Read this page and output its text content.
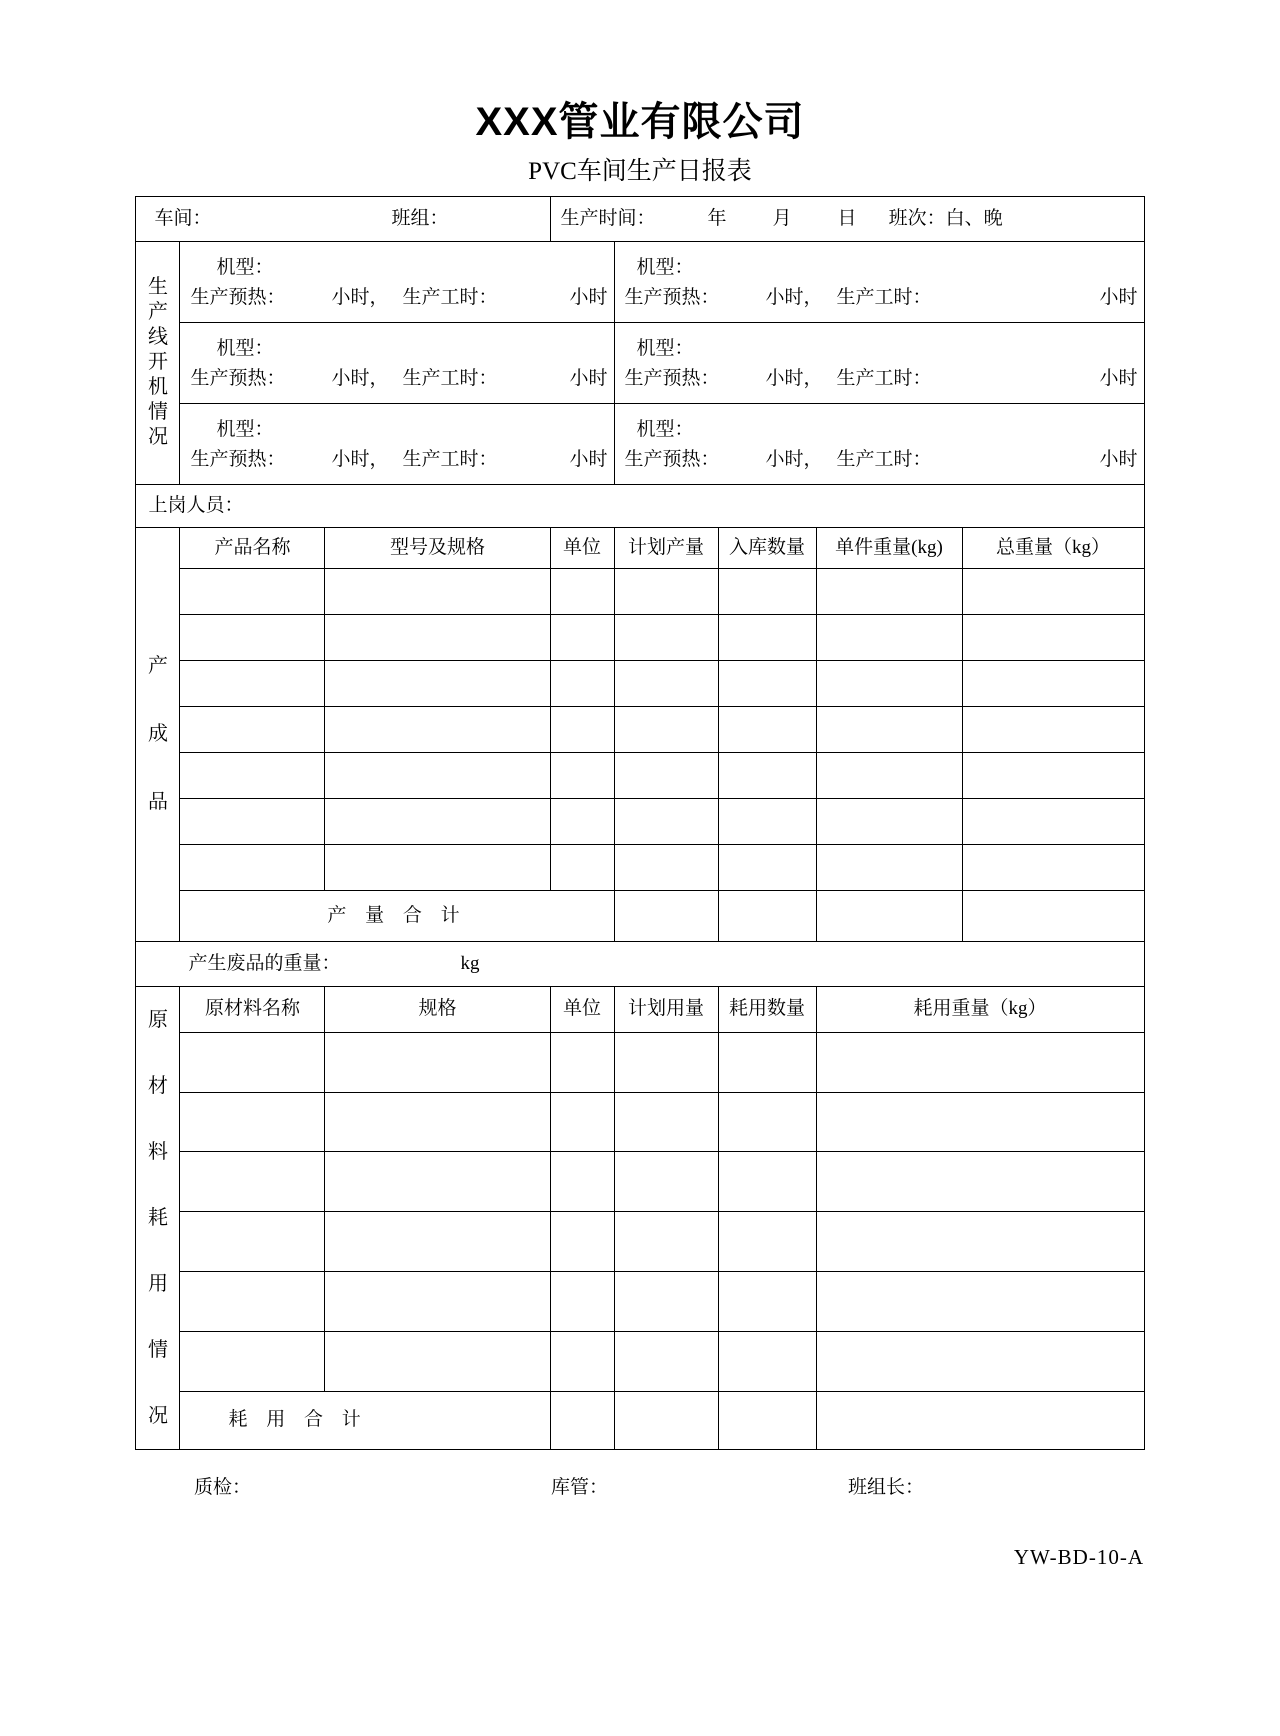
XXX管业有限公司
PVC车间生产日报表
车间： 班组：			生产时间： 年 月 日 班次：白、晚				

生
产
线
开
机
情
况

机型：
生产预热： 小时， 生产工时：	小时

机型：
生产预热： 小时， 生产工时：	小时

机型：
生产预热： 小时， 生产工时：	小时

机型：
生产预热： 小时， 生产工时：	小时

机型：
生产预热： 小时， 生产工时：	小时

机型：
生产预热： 小时， 生产工时：	小时

上岗人员：							

产
成
品	产品名称	型号及规格	单位	计划产量	入库数量	单件重量(kg)	总重量（kg）

	产 量 合 计						

产生废品的重量： kg							

原
材
料
耗
用
情
况
	原材料名称	规格	单位	计划用量	耗用数量	耗用重量（kg）

	耗 用 合 计						
质检：	库管：	班组长：
YW-BD-10-A
